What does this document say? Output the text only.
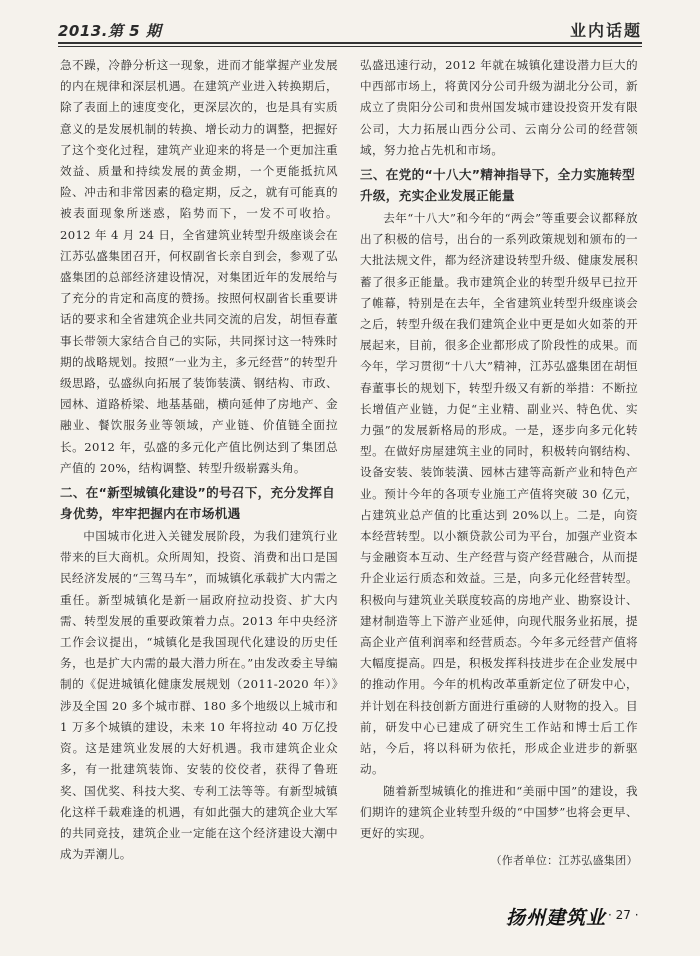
2013.第 5 期	业内话题

急不躁，冷静分析这一现象，进而才能掌握产业发展的内在规律和深层机遇。在建筑产业进入转换期后，除了表面上的速度变化，更深层次的，也是具有实质意义的是发展机制的转换、增长动力的调整，把握好了这个变化过程，建筑产业迎来的将是一个更加注重效益、质量和持续发展的黄金期，一个更能抵抗风险、冲击和非常因素的稳定期，反之，就有可能真的被表面现象所迷惑，陷势而下，一发不可收拾。2012 年 4 月 24 日，全省建筑业转型升级座谈会在江苏弘盛集团召开，何权副省长亲自到会，参观了弘盛集团的总部经济建设情况，对集团近年的发展给与了充分的肯定和高度的赞扬。按照何权副省长重要讲话的要求和全省建筑企业共同交流的启发，胡恒春董事长带领大家结合自己的实际，共同探讨这一特殊时期的战略规划。按照“一业为主，多元经营”的转型升级思路，弘盛纵向拓展了装饰装潢、钢结构、市政、园林、道路桥梁、地基基础，横向延伸了房地产、金融业、餐饮服务业等领域，产业链、价值链全面拉长。2012 年，弘盛的多元化产值比例达到了集团总产值的 20%，结构调整、转型升级崭露头角。

二、在“新型城镇化建设”的号召下，充分发挥自身优势，牢牢把握内在市场机遇

中国城市化进入关键发展阶段，为我们建筑行业带来的巨大商机。众所周知，投资、消费和出口是国民经济发展的“三驾马车”，而城镇化承载扩大内需之重任。新型城镇化是新一届政府拉动投资、扩大内需、转型发展的重要政策着力点。2013 年中央经济工作会议提出，“城镇化是我国现代化建设的历史任务，也是扩大内需的最大潜力所在。”由发改委主导编制的《促进城镇化健康发展规划（2011-2020 年）》涉及全国 20 多个城市群、180 多个地级以上城市和 1 万多个城镇的建设，未来 10 年将拉动 40 万亿投资。这是建筑业发展的大好机遇。我市建筑企业众多，有一批建筑装饰、安装的佼佼者，获得了鲁班奖、国优奖、科技大奖、专利工法等等。有新型城镇化这样千载难逢的机遇，有如此强大的建筑企业大军的共同竞技，建筑企业一定能在这个经济建设大潮中成为弄潮儿。

弘盛迅速行动，2012 年就在城镇化建设潜力巨大的中西部市场上，将黄冈分公司升级为湖北分公司，新成立了贵阳分公司和贵州国发城市建设投资开发有限公司，大力拓展山西分公司、云南分公司的经营领域，努力抢占先机和市场。

三、在党的“十八大”精神指导下，全力实施转型升级，充实企业发展正能量

去年“十八大”和今年的“两会”等重要会议都释放出了积极的信号，出台的一系列政策规划和颁布的一大批法规文件，都为经济建设转型升级、健康发展积蓄了很多正能量。我市建筑企业的转型升级早已拉开了帷幕，特别是在去年，全省建筑业转型升级座谈会之后，转型升级在我们建筑企业中更是如火如荼的开展起来，目前，很多企业都形成了阶段性的成果。而今年，学习贯彻“十八大”精神，江苏弘盛集团在胡恒春董事长的规划下，转型升级又有新的举措：不断拉长增值产业链，力促“主业精、副业兴、特色优、实力强”的发展新格局的形成。一是，逐步向多元化转型。在做好房屋建筑主业的同时，积极转向钢结构、设备安装、装饰装潢、园林古建等高新产业和特色产业。预计今年的各项专业施工产值将突破 30 亿元，占建筑业总产值的比重达到 20%以上。二是，向资本经营转型。以小额贷款公司为平台，加强产业资本与金融资本互动、生产经营与资产经营融合，从而提升企业运行质态和效益。三是，向多元化经营转型。积极向与建筑业关联度较高的房地产业、勘察设计、建材制造等上下游产业延伸，向现代服务业拓展，提高企业产值利润率和经营质态。今年多元经营产值将大幅度提高。四是，积极发挥科技进步在企业发展中的推动作用。今年的机构改革重新定位了研发中心，并计划在科技创新方面进行重磅的人财物的投入。目前，研发中心已建成了研究生工作站和博士后工作站，今后，将以科研为依托，形成企业进步的新驱动。

随着新型城镇化的推进和“美丽中国”的建设，我们期许的建筑企业转型升级的“中国梦”也将会更早、更好的实现。

（作者单位：江苏弘盛集团）
扬州建筑业 · 27 ·
